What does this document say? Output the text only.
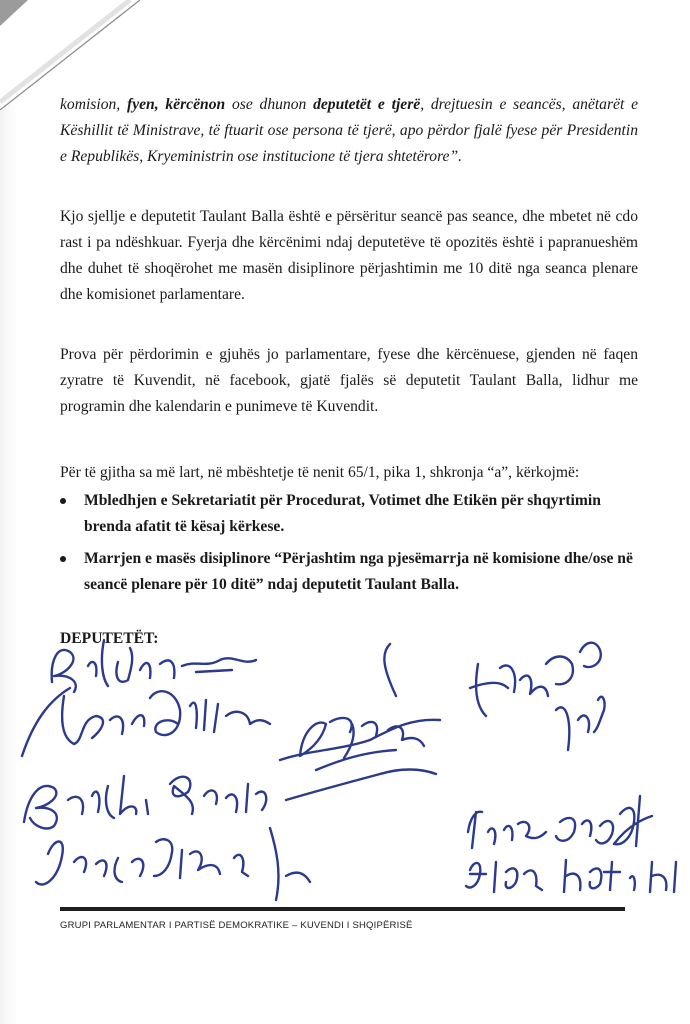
komision, fyen, kërcënon ose dhunon deputetët e tjerë, drejtuesin e seancës, anëtarët e Këshillit të Ministrave, të ftuarit ose persona të tjerë, apo përdor fjalë fyese për Presidentin e Republikës, Kryeministrin ose institucione të tjera shtetërore”.
Kjo sjellje e deputetit Taulant Balla është e përsëritur seancë pas seance, dhe mbetet në cdo rast i pa ndëshkuar. Fyerja dhe kërcënimi ndaj deputetëve të opozitës është i papranueshëm dhe duhet të shoqërohet me masën disiplinore përjashtimin me 10 ditë nga seanca plenare dhe komisionet parlamentare.
Prova për përdorimin e gjuhës jo parlamentare, fyese dhe kërcënuese, gjenden në faqen zyratre të Kuvendit, në facebook, gjatë fjalës së deputetit Taulant Balla, lidhur me programin dhe kalendarin e punimeve të Kuvendit.
Për të gjitha sa më lart, në mbështetje të nenit 65/1, pika 1, shkronja “a”, kërkojmë:
Mbledhjen e Sekretariatit për Procedurat, Votimet dhe Etikën për shqyrtimin brenda afatit të kësaj kërkese.
Marrjen e masës disiplinore “Përjashtim nga pjesëmarrja në komisione dhe/ose në seancë plenare për 10 ditë” ndaj deputetit Taulant Balla.
DEPUTETËT:
GRUPI PARLAMENTAR I PARTISË DEMOKRATIKE – KUVENDI I SHQIPËRISË
